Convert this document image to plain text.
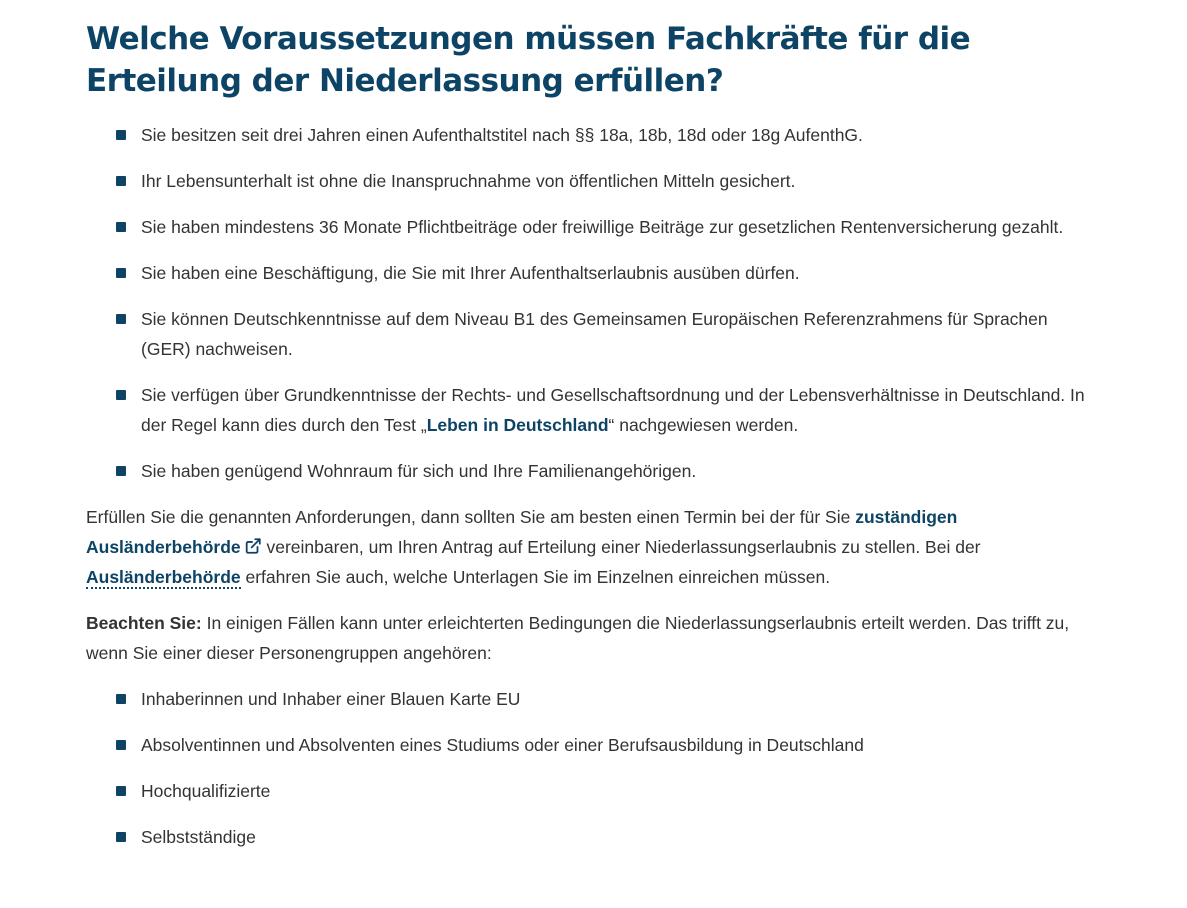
Welche Voraussetzungen müssen Fachkräfte für die Erteilung der Niederlassung erfüllen?
Sie besitzen seit drei Jahren einen Aufenthaltstitel nach §§ 18a, 18b, 18d oder 18g AufenthG.
Ihr Lebensunterhalt ist ohne die Inanspruchnahme von öffentlichen Mitteln gesichert.
Sie haben mindestens 36 Monate Pflichtbeiträge oder freiwillige Beiträge zur gesetzlichen Rentenversicherung gezahlt.
Sie haben eine Beschäftigung, die Sie mit Ihrer Aufenthaltserlaubnis ausüben dürfen.
Sie können Deutschkenntnisse auf dem Niveau B1 des Gemeinsamen Europäischen Referenzrahmens für Sprachen (GER) nachweisen.
Sie verfügen über Grundkenntnisse der Rechts- und Gesellschaftsordnung und der Lebensverhältnisse in Deutschland. In der Regel kann dies durch den Test „Leben in Deutschland“ nachgewiesen werden.
Sie haben genügend Wohnraum für sich und Ihre Familienangehörigen.

Erfüllen Sie die genannten Anforderungen, dann sollten Sie am besten einen Termin bei der für Sie zuständigen Ausländerbehörde vereinbaren, um Ihren Antrag auf Erteilung einer Niederlassungserlaubnis zu stellen. Bei der Ausländerbehörde erfahren Sie auch, welche Unterlagen Sie im Einzelnen einreichen müssen.

Beachten Sie: In einigen Fällen kann unter erleichterten Bedingungen die Niederlassungserlaubnis erteilt werden. Das trifft zu, wenn Sie einer dieser Personengruppen angehören:

Inhaberinnen und Inhaber einer Blauen Karte EU
Absolventinnen und Absolventen eines Studiums oder einer Berufsausbildung in Deutschland
Hochqualifizierte
Selbstständige
